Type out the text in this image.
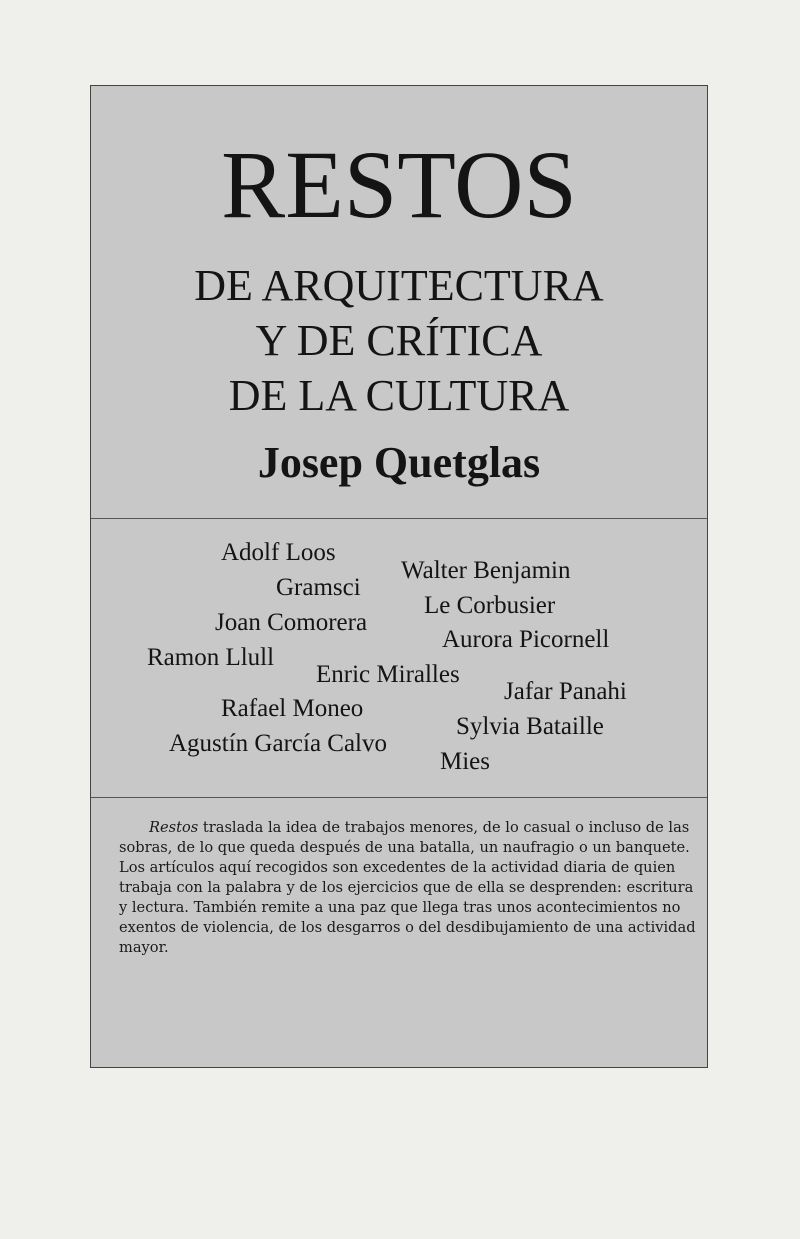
RESTOS
DE ARQUITECTURA
Y DE CRÍTICA
DE LA CULTURA
Josep Quetglas
Adolf Loos
Gramsci
Joan Comorera
Ramon Llull
Rafael Moneo
Agustín García Calvo
Walter Benjamin
Le Corbusier
Aurora Picornell
Enric Miralles
Jafar Panahi
Sylvia Bataille
Mies
Restos traslada la idea de trabajos menores, de lo casual o incluso de las sobras, de lo que queda después de una batalla, un naufragio o un banquete. Los artículos aquí recogidos son excedentes de la actividad diaria de quien trabaja con la palabra y de los ejercicios que de ella se desprenden: escritura y lectura. También remite a una paz que llega tras unos acontecimientos no exentos de violencia, de los desgarros o del desdibujamiento de una actividad mayor.
